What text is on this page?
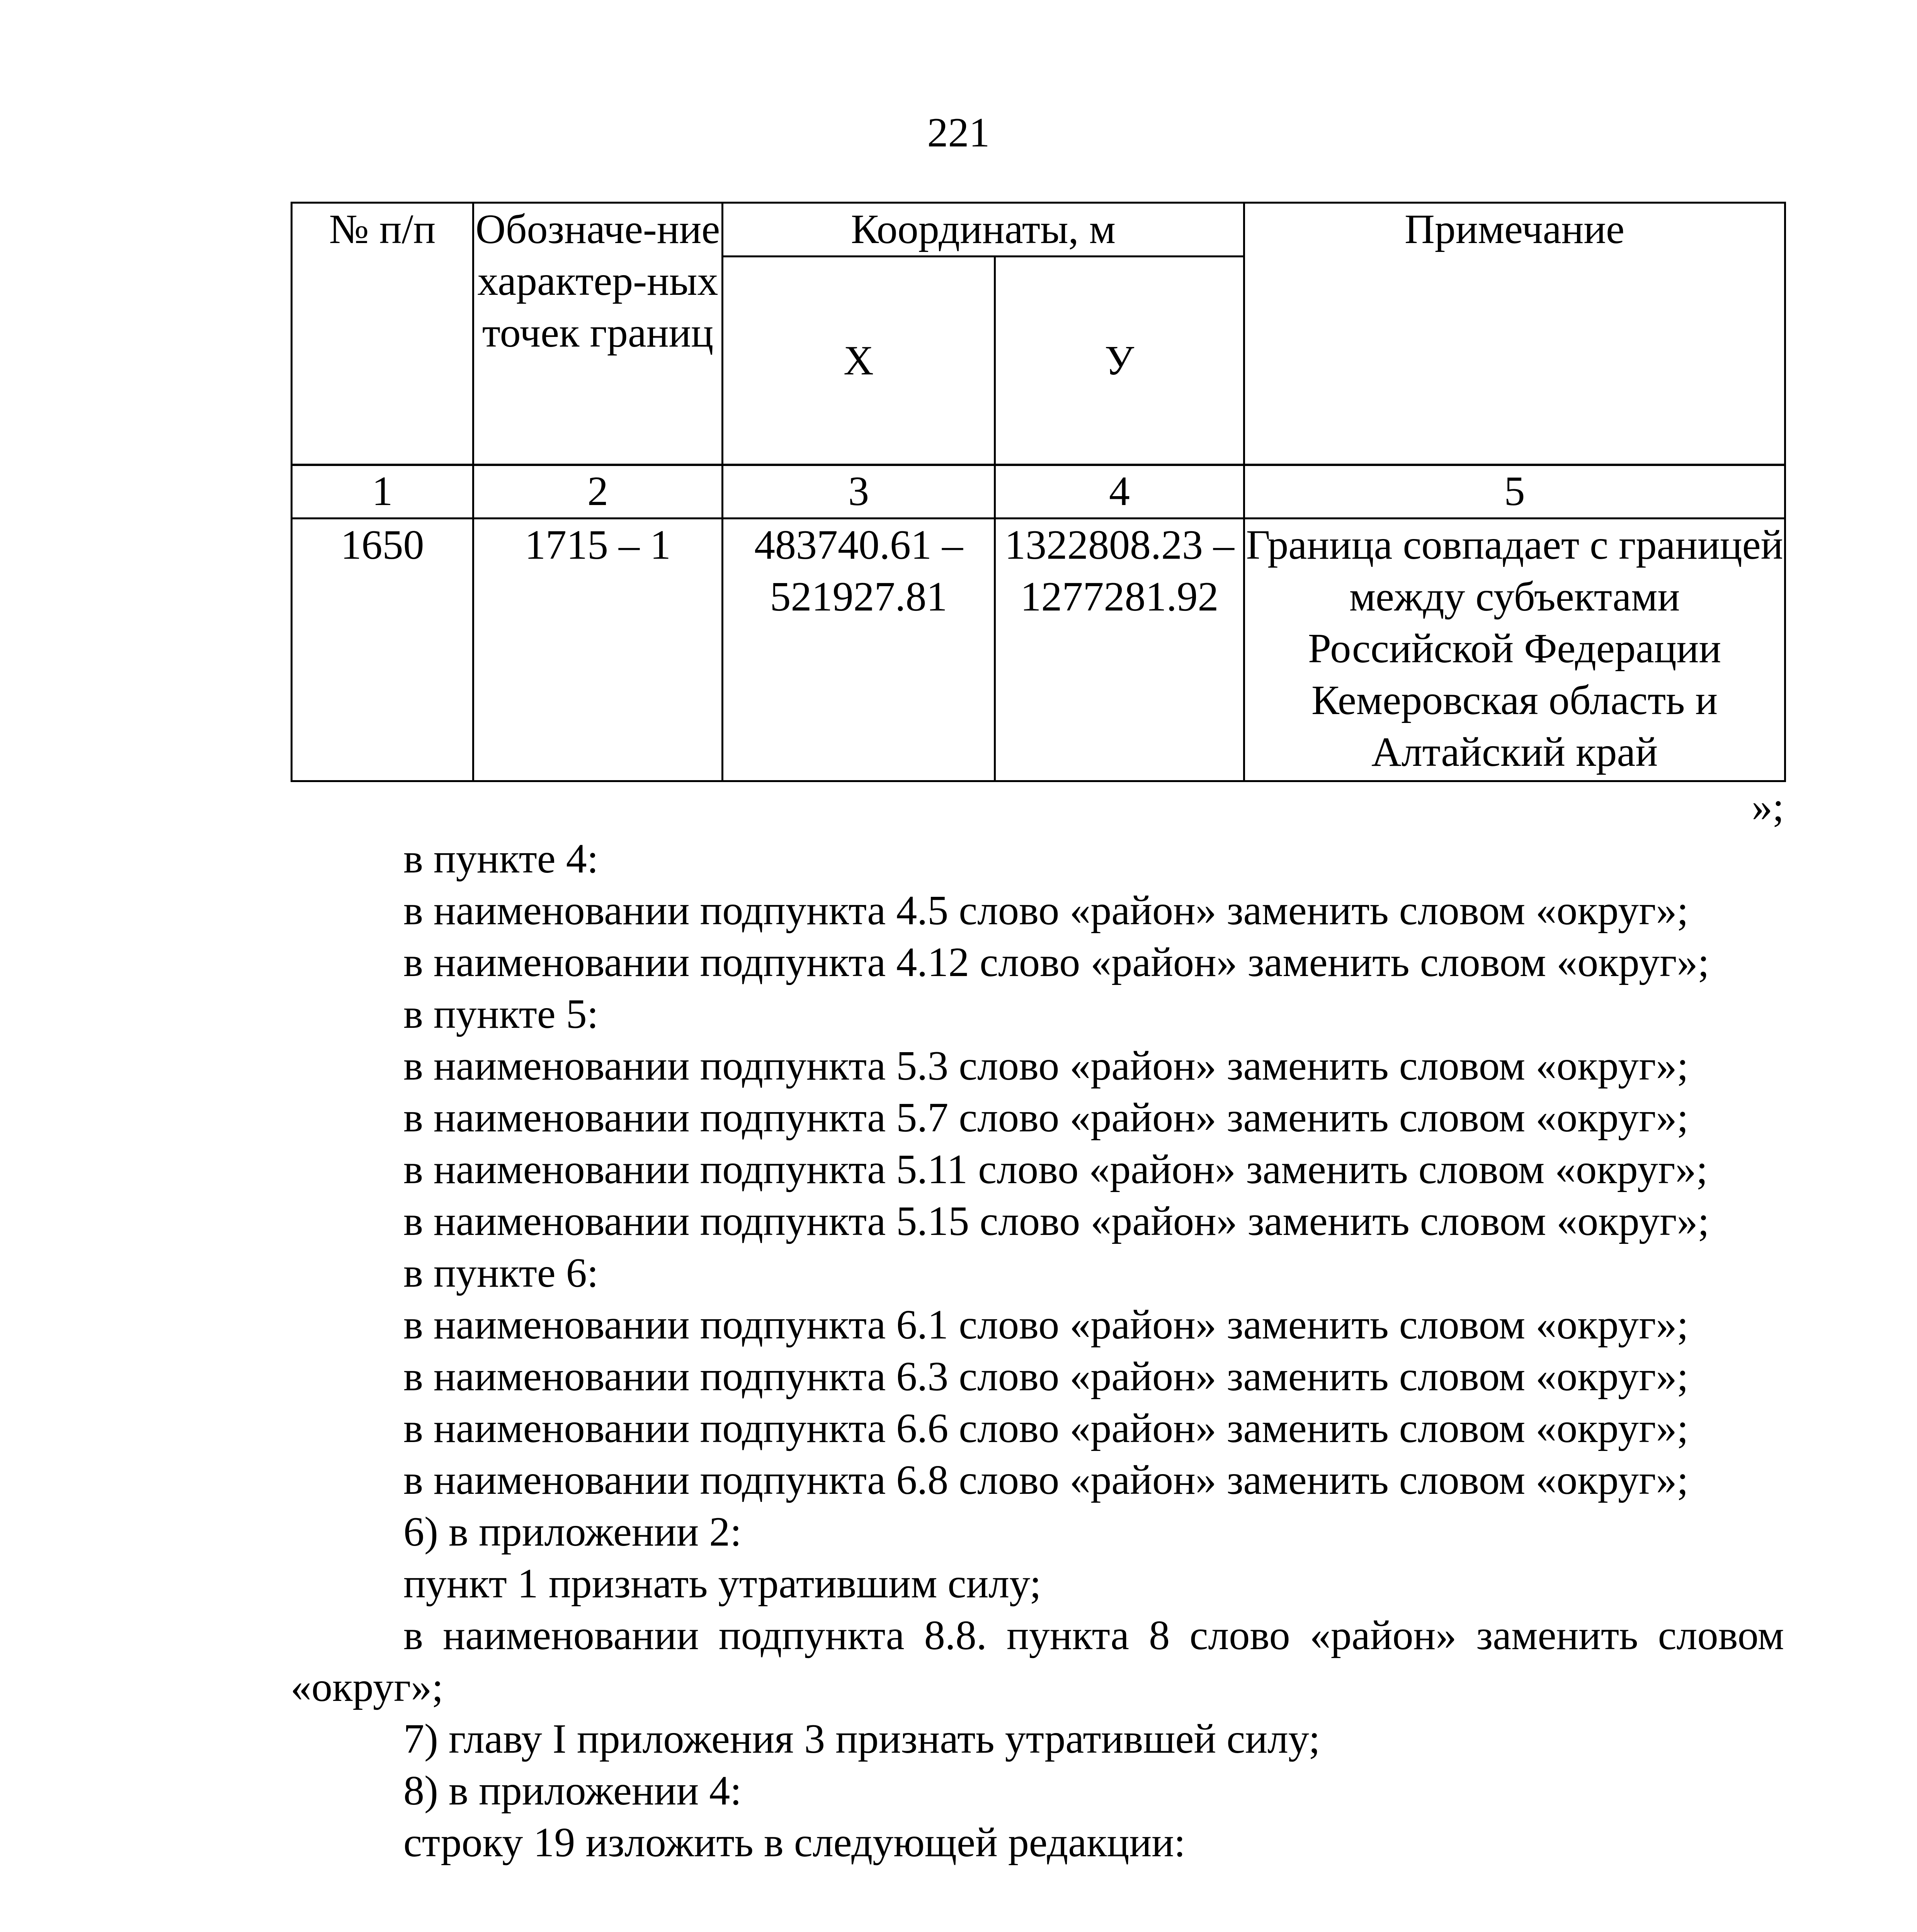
221
№ п/п	Обозначе-ние характер-ных точек границ	Координаты, м		Примечание
		Х	У	
1	2	3	4	5
1650	1715 – 1	483740.61 – 521927.81	1322808.23 – 1277281.92	Граница совпадает с границей между субъектами Российской Федерации Кемеровская область и Алтайский край
»;

в пункте 4:

в наименовании подпункта 4.5 слово «район» заменить словом «округ»;

в наименовании подпункта 4.12 слово «район» заменить словом «округ»;

в пункте 5:

в наименовании подпункта 5.3 слово «район» заменить словом «округ»;

в наименовании подпункта 5.7 слово «район» заменить словом «округ»;

в наименовании подпункта 5.11 слово «район» заменить словом «округ»;

в наименовании подпункта 5.15 слово «район» заменить словом «округ»;

в пункте 6:

в наименовании подпункта 6.1 слово «район» заменить словом «округ»;

в наименовании подпункта 6.3 слово «район» заменить словом «округ»;

в наименовании подпункта 6.6 слово «район» заменить словом «округ»;

в наименовании подпункта 6.8 слово «район» заменить словом «округ»;

6) в приложении 2:

пункт 1 признать утратившим силу;

в наименовании подпункта 8.8. пункта 8 слово «район» заменить словом «округ»;

7) главу I приложения 3 признать утратившей силу;

8) в приложении 4:

строку 19 изложить в следующей редакции:
